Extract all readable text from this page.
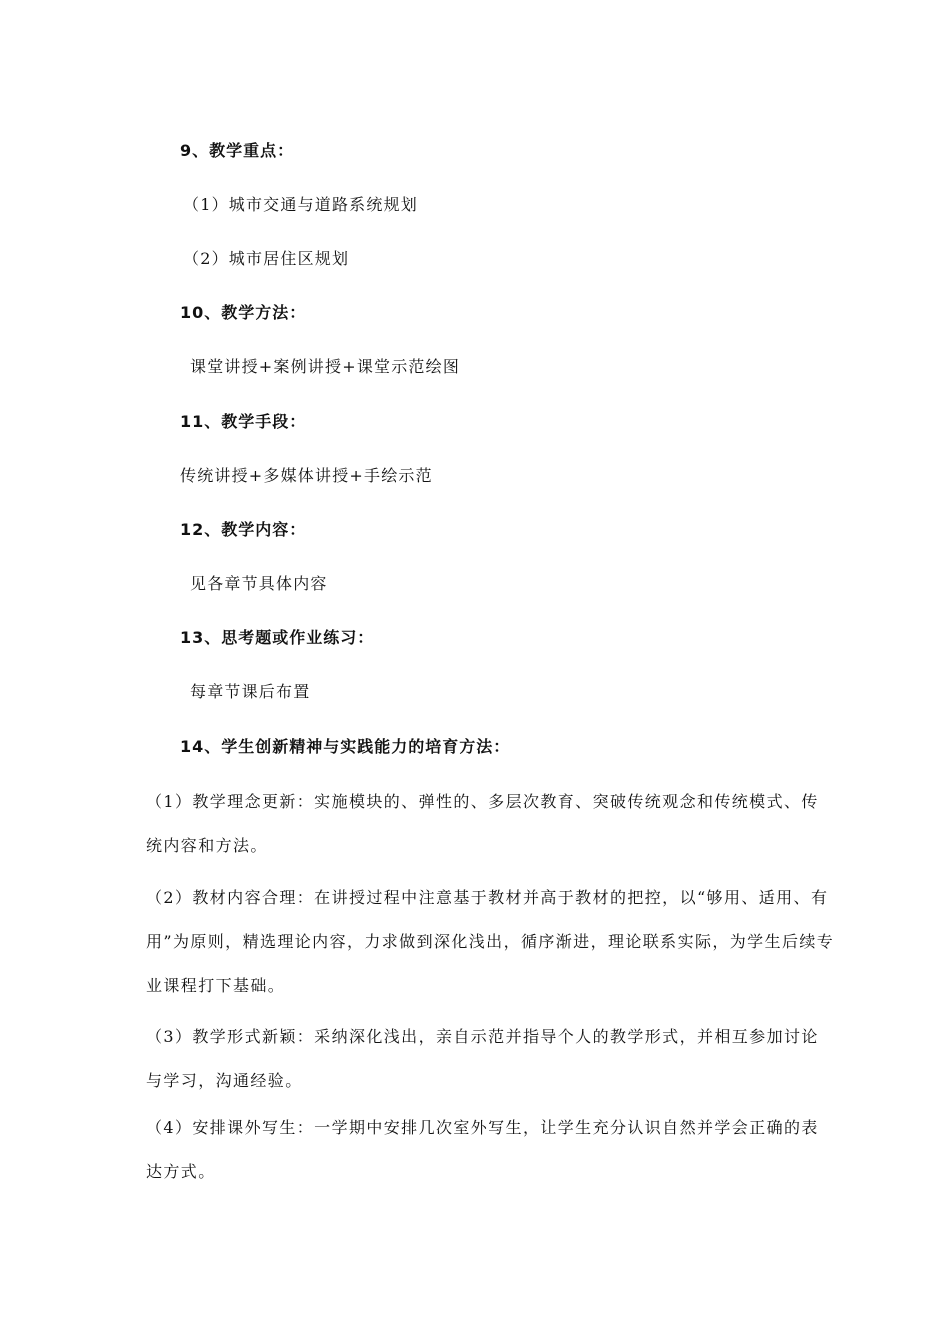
9、教学重点：
（1）城市交通与道路系统规划
（2）城市居住区规划
10、教学方法：
课堂讲授+案例讲授+课堂示范绘图
11、教学手段：
传统讲授+多媒体讲授+手绘示范
12、教学内容：
见各章节具体内容
13、思考题或作业练习：
每章节课后布置
14、学生创新精神与实践能力的培育方法：
（1）教学理念更新：实施模块的、弹性的、多层次教育、突破传统观念和传统模式、传统内容和方法。
（2）教材内容合理：在讲授过程中注意基于教材并高于教材的把控，以“够用、适用、有用”为原则，精选理论内容，力求做到深化浅出，循序渐进，理论联系实际，为学生后续专业课程打下基础。
（3）教学形式新颖：采纳深化浅出，亲自示范并指导个人的教学形式，并相互参加讨论与学习，沟通经验。
（4）安排课外写生：一学期中安排几次室外写生，让学生充分认识自然并学会正确的表达方式。
